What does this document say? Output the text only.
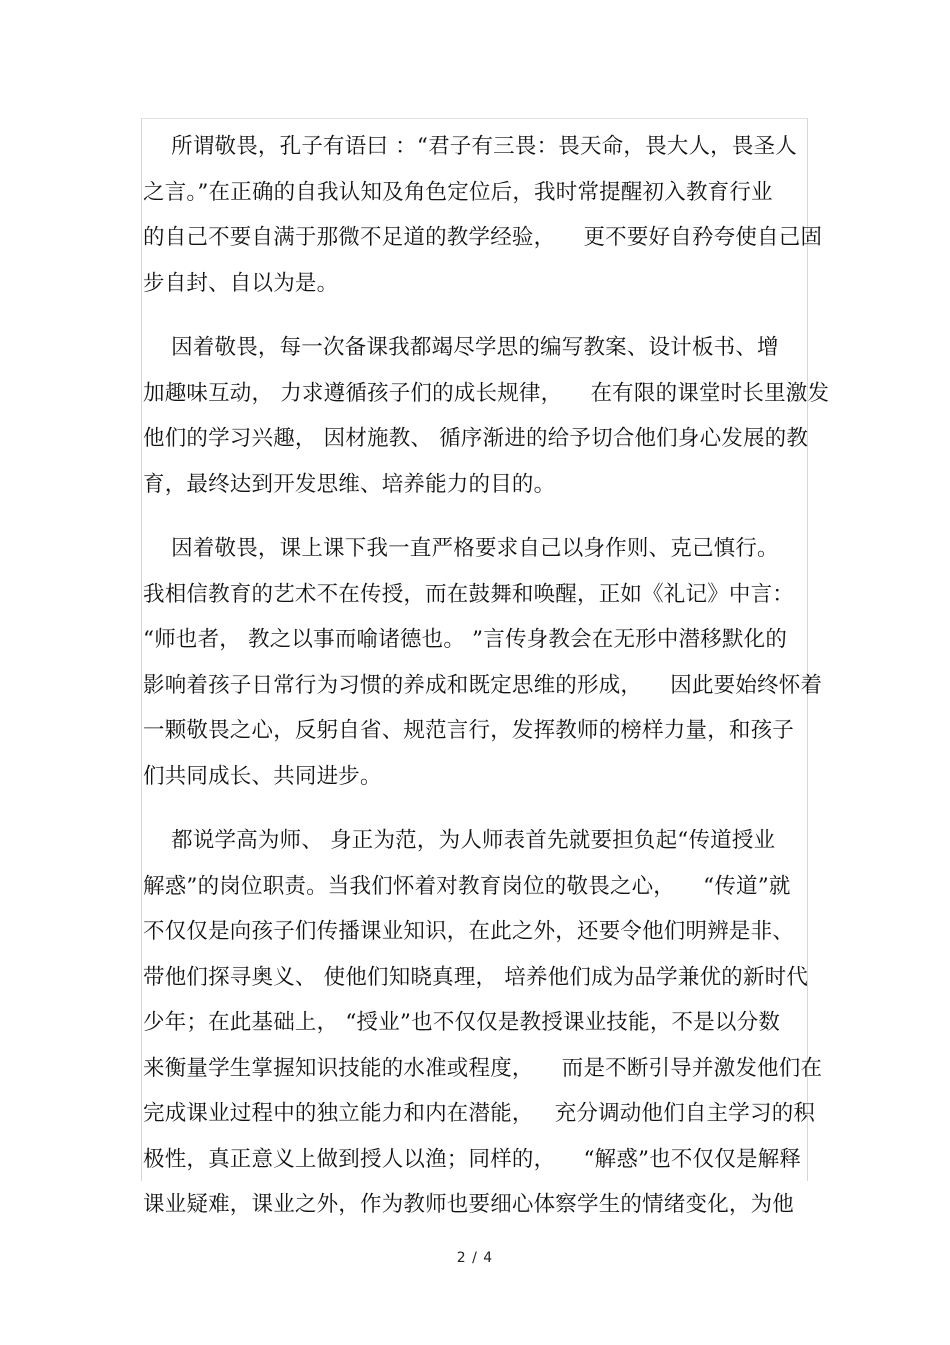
所谓敬畏，孔子有语曰 ：“君子有三畏：畏天命，畏大人，畏圣人
之言。”在正确的自我认知及角色定位后，我时常提醒初入教育行业
的自己不要自满于那微不足道的教学经验，    更不要好自矜夸使自己固
步自封、自以为是。
因着敬畏，每一次备课我都竭尽学思的编写教案、设计板书、增
加趣味互动， 力求遵循孩子们的成长规律，    在有限的课堂时长里激发
他们的学习兴趣， 因材施教、 循序渐进的给予切合他们身心发展的教
育，最终达到开发思维、培养能力的目的。
因着敬畏，课上课下我一直严格要求自己以身作则、克己慎行。
我相信教育的艺术不在传授，而在鼓舞和唤醒，正如《礼记》中言：
“师也者， 教之以事而喻诸德也。 ”言传身教会在无形中潜移默化的
影响着孩子日常行为习惯的养成和既定思维的形成，    因此要始终怀着
一颗敬畏之心，反躬自省、规范言行，发挥教师的榜样力量，和孩子
们共同成长、共同进步。
都说学高为师、 身正为范，为人师表首先就要担负起“传道授业
解惑”的岗位职责。当我们怀着对教育岗位的敬畏之心，    “传道”就
不仅仅是向孩子们传播课业知识，在此之外，还要令他们明辨是非、
带他们探寻奥义、 使他们知晓真理， 培养他们成为品学兼优的新时代
少年；在此基础上， “授业”也不仅仅是教授课业技能，不是以分数
来衡量学生掌握知识技能的水准或程度，    而是不断引导并激发他们在
完成课业过程中的独立能力和内在潜能，   充分调动他们自主学习的积
极性，真正意义上做到授人以渔；同样的，    “解惑”也不仅仅是解释
课业疑难，课业之外，作为教师也要细心体察学生的情绪变化，为他
2 / 4
